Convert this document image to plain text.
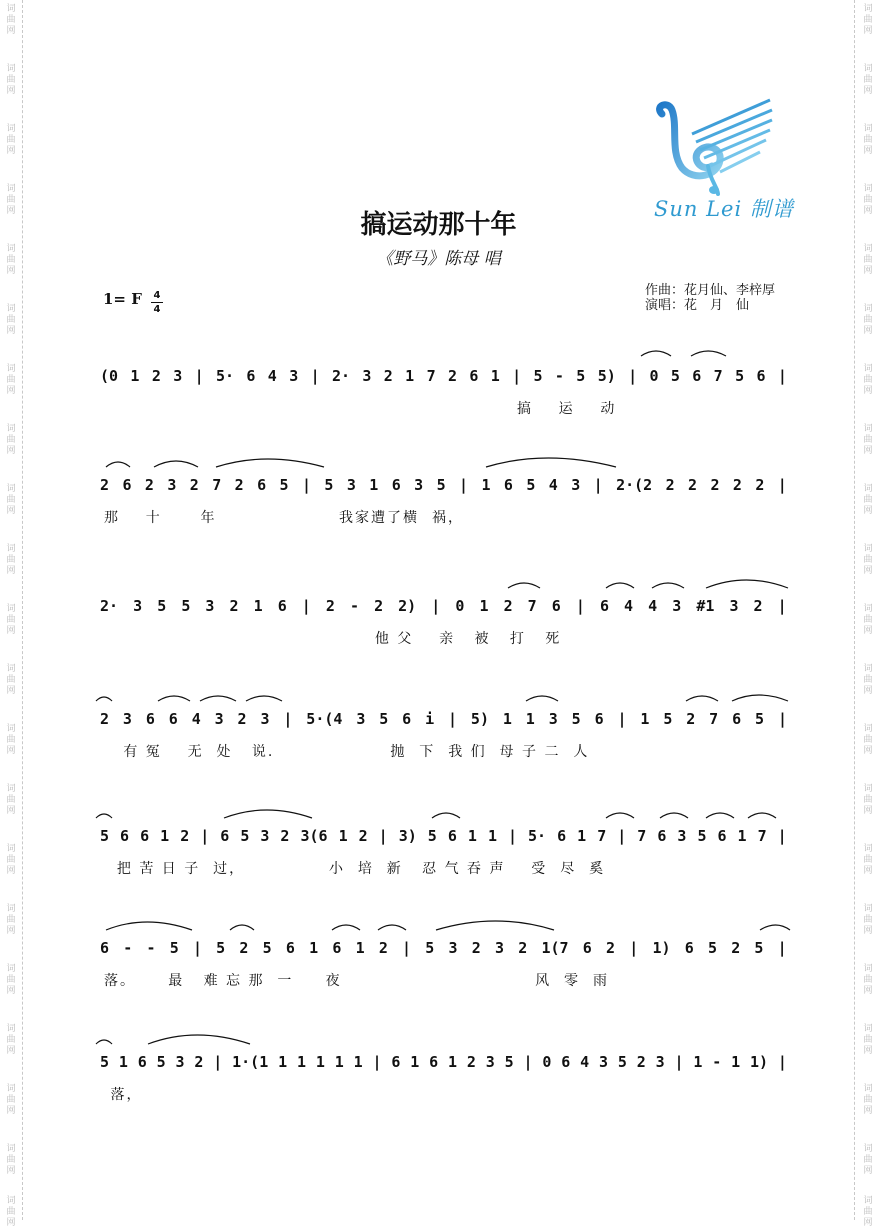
词
曲
网
词
曲
网
词
曲
网
词
曲
网
词
曲
网
词
曲
网
词
曲
网
词
曲
网
词
曲
网
词
曲
网
词
曲
网
词
曲
网
词
曲
网
词
曲
网
词
曲
网
词
曲
网
词
曲
网
词
曲
网
词
曲
网
词
曲
网
词
曲
网
词
曲
网
词
曲
网
词
曲
网
词
曲
网
词
曲
网
词
曲
网
词
曲
网
词
曲
网
词
曲
网
词
曲
网
词
曲
网
词
曲
网
词
曲
网
词
曲
网
词
曲
网
词
曲
网
词
曲
网
词
曲
网
词
曲
网
词
曲
网
词
曲
网
Sun Lei 制谱
搞运动那十年
《野马》陈母 唱
1= F 4
4
作曲：花月仙、李梓厚
演唱：花　月　仙
(0 1 2 3 | 5· 6 4 3 | 2· 3 2 1 7 2 6 1 | 5 - 5 5) | 0 5 6 7 5 6 |
搞    运    动
2 6 2 3 2 7 2 6 5 | 5 3 1 6 3 5 | 1 6 5 4 3 | 2·(2 2 2 2 2 2 |
那    十      年                   我家遭了横  祸，
2· 3 5 5 3 2 1 6 | 2 - 2 2) | 0 1 2 7 6 | 6 4 4 3 #1 3 2 |
他 父    亲   被   打   死
2 3 6 6 4 3 2 3 | 5·(4 3 5 6 i | 5) 1 1 3 5 6 | 1 5 2 7 6 5 |
有 冤    无  处   说.                  抛  下  我 们  母 子 二  人
5 6 6 1 2 | 6 5 3 2 3(6 1 2 | 3) 5 6 1 1 | 5· 6 1 7 | 7 6 3 5 6 1 7 |
把 苦 日 子  过，             小  培  新   忍 气 吞 声    受  尽  奚
6 - - 5 | 5 2 5 6 1 6 1 2 | 5 3 2 3 2 1(7 6 2 | 1) 6 5 2 5 |
落。     最   难 忘 那  一     夜                              风  零  雨
5 1 6 5 3 2 | 1·(1 1 1 1 1 1 | 6 1 6 1 2 3 5 | 0 6 4 3 5 2 3 | 1 - 1 1) |
落，
